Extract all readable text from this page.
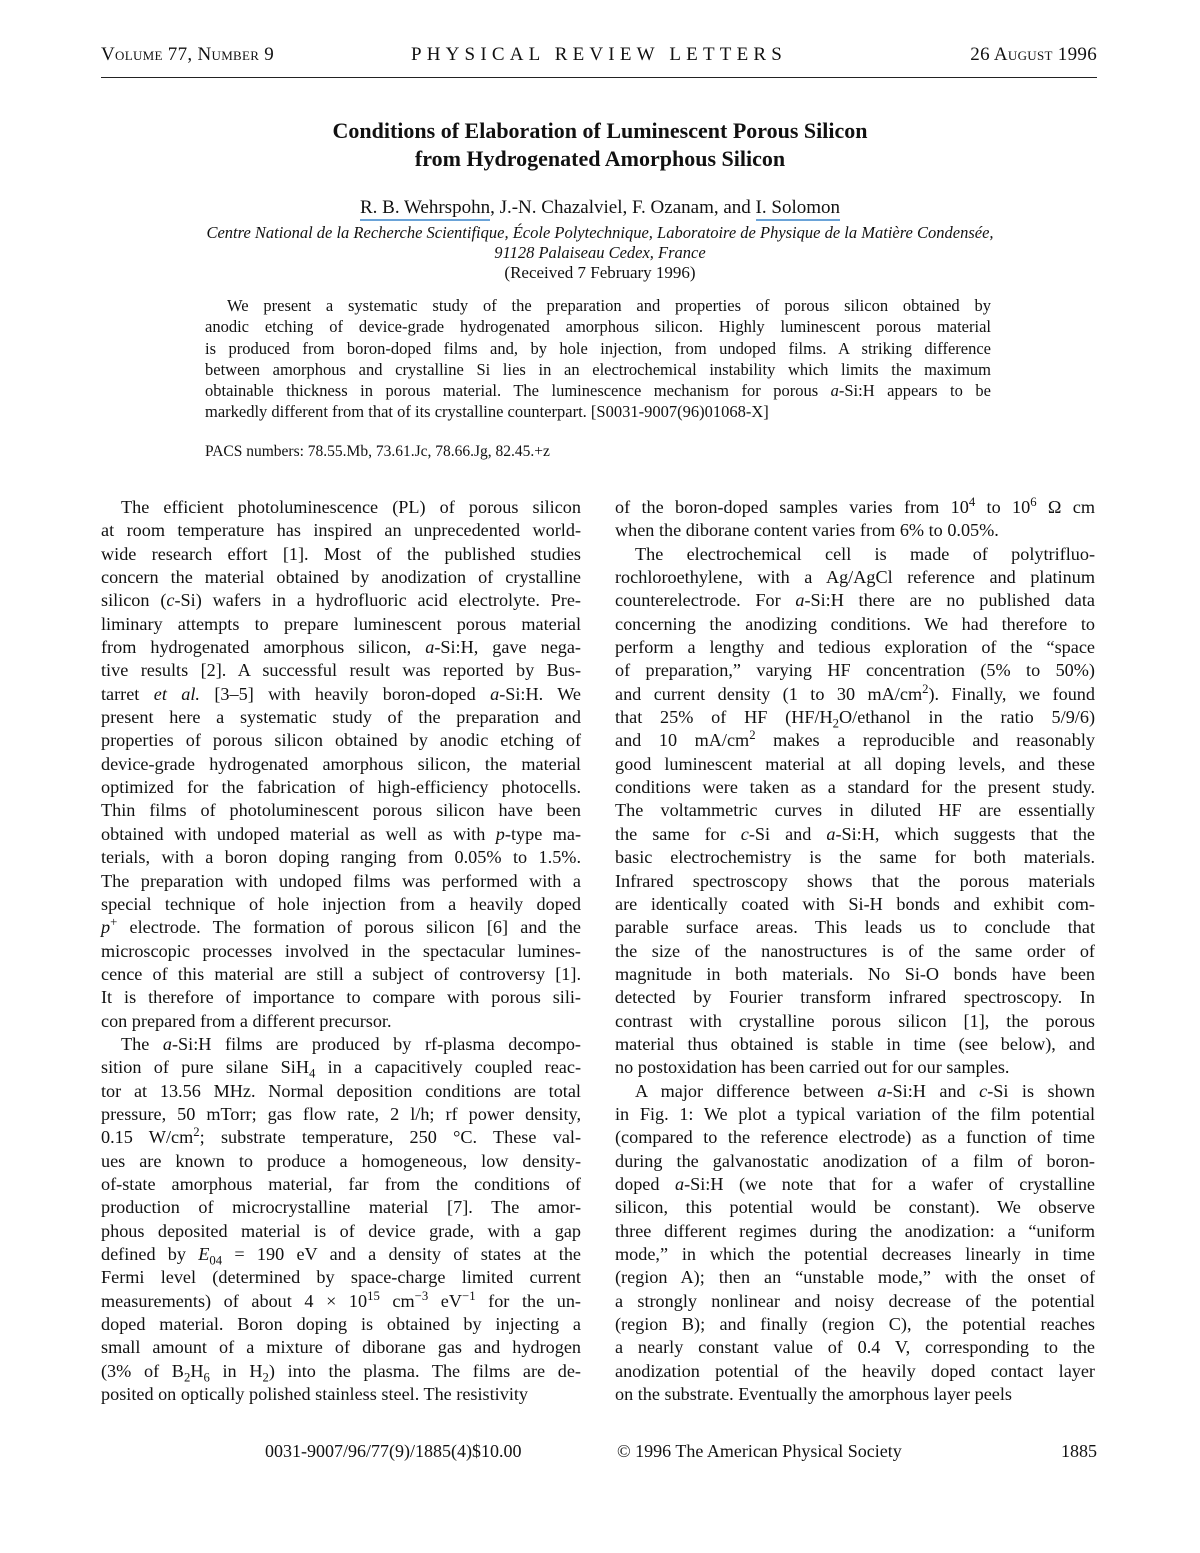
Volume 77, Number 9	PHYSICAL REVIEW LETTERS	26 August 1996
Conditions of Elaboration of Luminescent Porous Silicon
from Hydrogenated Amorphous Silicon
R. B. Wehrspohn, J.-N. Chazalviel, F. Ozanam, and I. Solomon
Centre National de la Recherche Scientifique, École Polytechnique, Laboratoire de Physique de la Matière Condensée,
91128 Palaiseau Cedex, France
(Received 7 February 1996)
We present a systematic study of the preparation and properties of porous silicon obtained by
anodic etching of device-grade hydrogenated amorphous silicon. Highly luminescent porous material
is produced from boron-doped films and, by hole injection, from undoped films. A striking difference
between amorphous and crystalline Si lies in an electrochemical instability which limits the maximum
obtainable thickness in porous material. The luminescence mechanism for porous a-Si:H appears to be
markedly different from that of its crystalline counterpart. [S0031-9007(96)01068-X]
PACS numbers: 78.55.Mb, 73.61.Jc, 78.66.Jg, 82.45.+z
The efficient photoluminescence (PL) of porous silicon
at room temperature has inspired an unprecedented world-
wide research effort [1]. Most of the published studies
concern the material obtained by anodization of crystalline
silicon (c-Si) wafers in a hydrofluoric acid electrolyte. Pre-
liminary attempts to prepare luminescent porous material
from hydrogenated amorphous silicon, a-Si:H, gave nega-
tive results [2]. A successful result was reported by Bus-
tarret et al. [3–5] with heavily boron-doped a-Si:H. We
present here a systematic study of the preparation and
properties of porous silicon obtained by anodic etching of
device-grade hydrogenated amorphous silicon, the material
optimized for the fabrication of high-efficiency photocells.
Thin films of photoluminescent porous silicon have been
obtained with undoped material as well as with p-type ma-
terials, with a boron doping ranging from 0.05% to 1.5%.
The preparation with undoped films was performed with a
special technique of hole injection from a heavily doped
p+ electrode. The formation of porous silicon [6] and the
microscopic processes involved in the spectacular lumines-
cence of this material are still a subject of controversy [1].
It is therefore of importance to compare with porous sili-
con prepared from a different precursor.
The a-Si:H films are produced by rf-plasma decompo-
sition of pure silane SiH$_4$ in a capacitively coupled reac-
tor at 13.56 MHz. Normal deposition conditions are total
pressure, 50 mTorr; gas flow rate, 2 l/h; rf power density,
0.15 $W/cm^2$; substrate temperature, 250 °C. These val-
ues are known to produce a homogeneous, low density-
of-state amorphous material, far from the conditions of
production of microcrystalline material [7]. The amor-
phous deposited material is of device grade, with a gap
defined by $E_{04} = 190$ eV and a density of states at the
Fermi level (determined by space-charge limited current
measurements) of about $4 \times 10^{15}$ $cm^{-3}$ $eV^{-1}$ for the un-
doped material. Boron doping is obtained by injecting a
small amount of a mixture of diborane gas and hydrogen
(3% of $B_2H_6$ in $H_2$) into the plasma. The films are de-
posited on optically polished stainless steel. The resistivity
of the boron-doped samples varies from $10^4$ to $10^6$ Ω cm
when the diborane content varies from 6% to 0.05%.
The electrochemical cell is made of polytrifluo-
rochloroethylene, with a Ag/AgCl reference and platinum
counterelectrode. For a-Si:H there are no published data
concerning the anodizing conditions. We had therefore to
perform a lengthy and tedious exploration of the “space
of preparation,” varying HF concentration (5% to 50%)
and current density (1 to 30 $mA/cm^2$). Finally, we found
that 25% of HF ($HF/H_2O$/ethanol in the ratio 5/9/6)
and 10 $mA/cm^2$ makes a reproducible and reasonably
good luminescent material at all doping levels, and these
conditions were taken as a standard for the present study.
The voltammetric curves in diluted HF are essentially
the same for c-Si and a-Si:H, which suggests that the
basic electrochemistry is the same for both materials.
Infrared spectroscopy shows that the porous materials
are identically coated with Si-H bonds and exhibit com-
parable surface areas. This leads us to conclude that
the size of the nanostructures is of the same order of
magnitude in both materials. No Si-O bonds have been
detected by Fourier transform infrared spectroscopy. In
contrast with crystalline porous silicon [1], the porous
material thus obtained is stable in time (see below), and
no postoxidation has been carried out for our samples.
A major difference between a-Si:H and c-Si is shown
in Fig. 1: We plot a typical variation of the film potential
(compared to the reference electrode) as a function of time
during the galvanostatic anodization of a film of boron-
doped a-Si:H (we note that for a wafer of crystalline
silicon, this potential would be constant). We observe
three different regimes during the anodization: a “uniform
mode,” in which the potential decreases linearly in time
(region A); then an “unstable mode,” with the onset of
a strongly nonlinear and noisy decrease of the potential
(region B); and finally (region C), the potential reaches
a nearly constant value of 0.4 V, corresponding to the
anodization potential of the heavily doped contact layer
on the substrate. Eventually the amorphous layer peels
0031-9007/96/77(9)/1885(4)$10.00	© 1996 The American Physical Society	1885
